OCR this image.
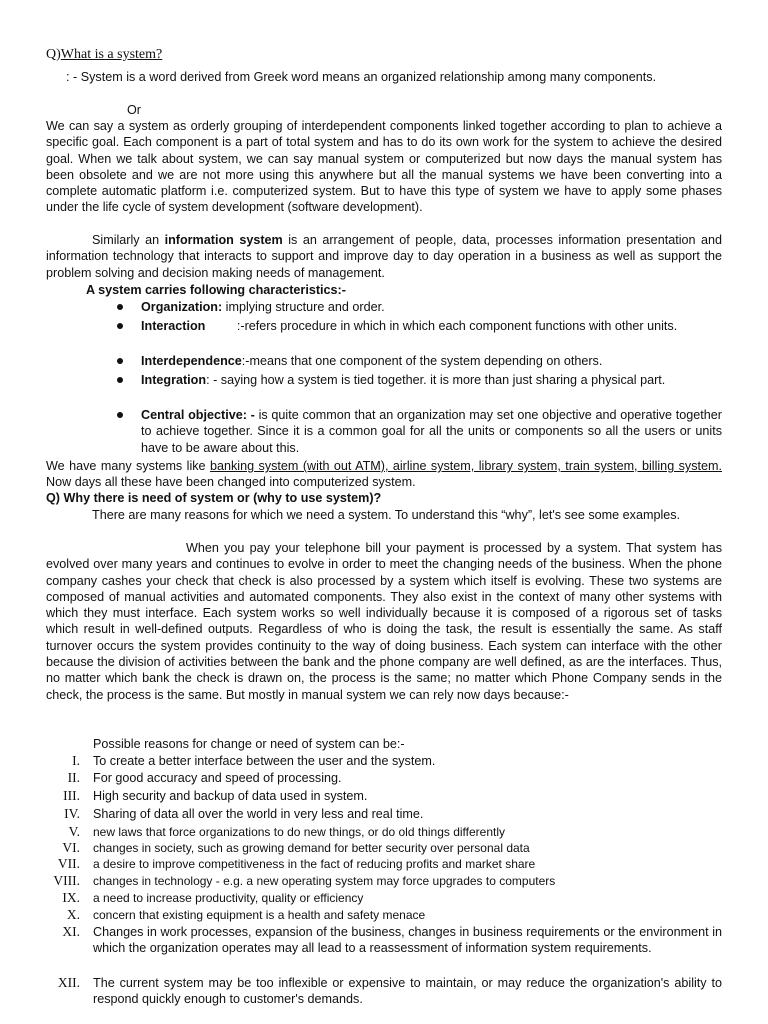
Q)What is a system?
: - System is a word derived from Greek word means an organized relationship among many components.
Or
We can say a system as orderly grouping of interdependent components linked together according to plan to achieve a specific goal. Each component is a part of total system and has to do its own work for the system to achieve the desired goal. When we talk about system, we can say manual system or computerized but now days the manual system has been obsolete and we are not more using this anywhere but all the manual systems we have been converting into a complete automatic platform i.e. computerized system. But to have this type of system we have to apply some phases under the life cycle of system development (software development).
Similarly an information system is an arrangement of people, data, processes information presentation and information technology that interacts to support and improve day to day operation in a business as well as support the problem solving and decision making needs of management.
A system carries following characteristics:-
Organization: implying structure and order.
Interaction         :-refers procedure in which in which each component functions with other units.
Interdependence:-means that one component of the system depending on others.
Integration: - saying how a system is tied together. it is more than just sharing a physical part.
Central objective: - is quite common that an organization may set one objective and operative together to achieve together. Since it is a common goal for all the units or components so all the users or units have to be aware about this.
We have many systems like banking system (with out ATM), airline system, library system, train system, billing system. Now days all these have been changed into computerized system.
Q) Why there is need of system or (why to use system)?
There are many reasons for which we need a system. To understand this “why”, let's see some examples.
When you pay your telephone bill your payment is processed by a system. That system has evolved over many years and continues to evolve in order to meet the changing needs of the business. When the phone company cashes your check that check is also processed by a system which itself is evolving. These two systems are composed of manual activities and automated components. They also exist in the context of many other systems with which they must interface. Each system works so well individually because it is composed of a rigorous set of tasks which result in well-defined outputs. Regardless of who is doing the task, the result is essentially the same. As staff turnover occurs the system provides continuity to the way of doing business. Each system can interface with the other because the division of activities between the bank and the phone company are well defined, as are the interfaces. Thus, no matter which bank the check is drawn on, the process is the same; no matter which Phone Company sends in the check, the process is the same. But mostly in manual system we can rely now days because:-
Possible reasons for change or need of system can be:-
I. To create a better interface between the user and the system.
II. For good accuracy and speed of processing.
III. High security and backup of data used in system.
IV. Sharing of data all over the world in very less and real time.
V. new laws that force organizations to do new things, or do old things differently
VI. changes in society, such as growing demand for better security over personal data
VII. a desire to improve competitiveness in the fact of reducing profits and market share
VIII. changes in technology - e.g. a new operating system may force upgrades to computers
IX. a need to increase productivity, quality or efficiency
X. concern that existing equipment is a health and safety menace
XI. Changes in work processes, expansion of the business, changes in business requirements or the environment in which the organization operates may all lead to a reassessment of information system requirements.
XII. The current system may be too inflexible or expensive to maintain, or may reduce the organization's ability to respond quickly enough to customer's demands.
